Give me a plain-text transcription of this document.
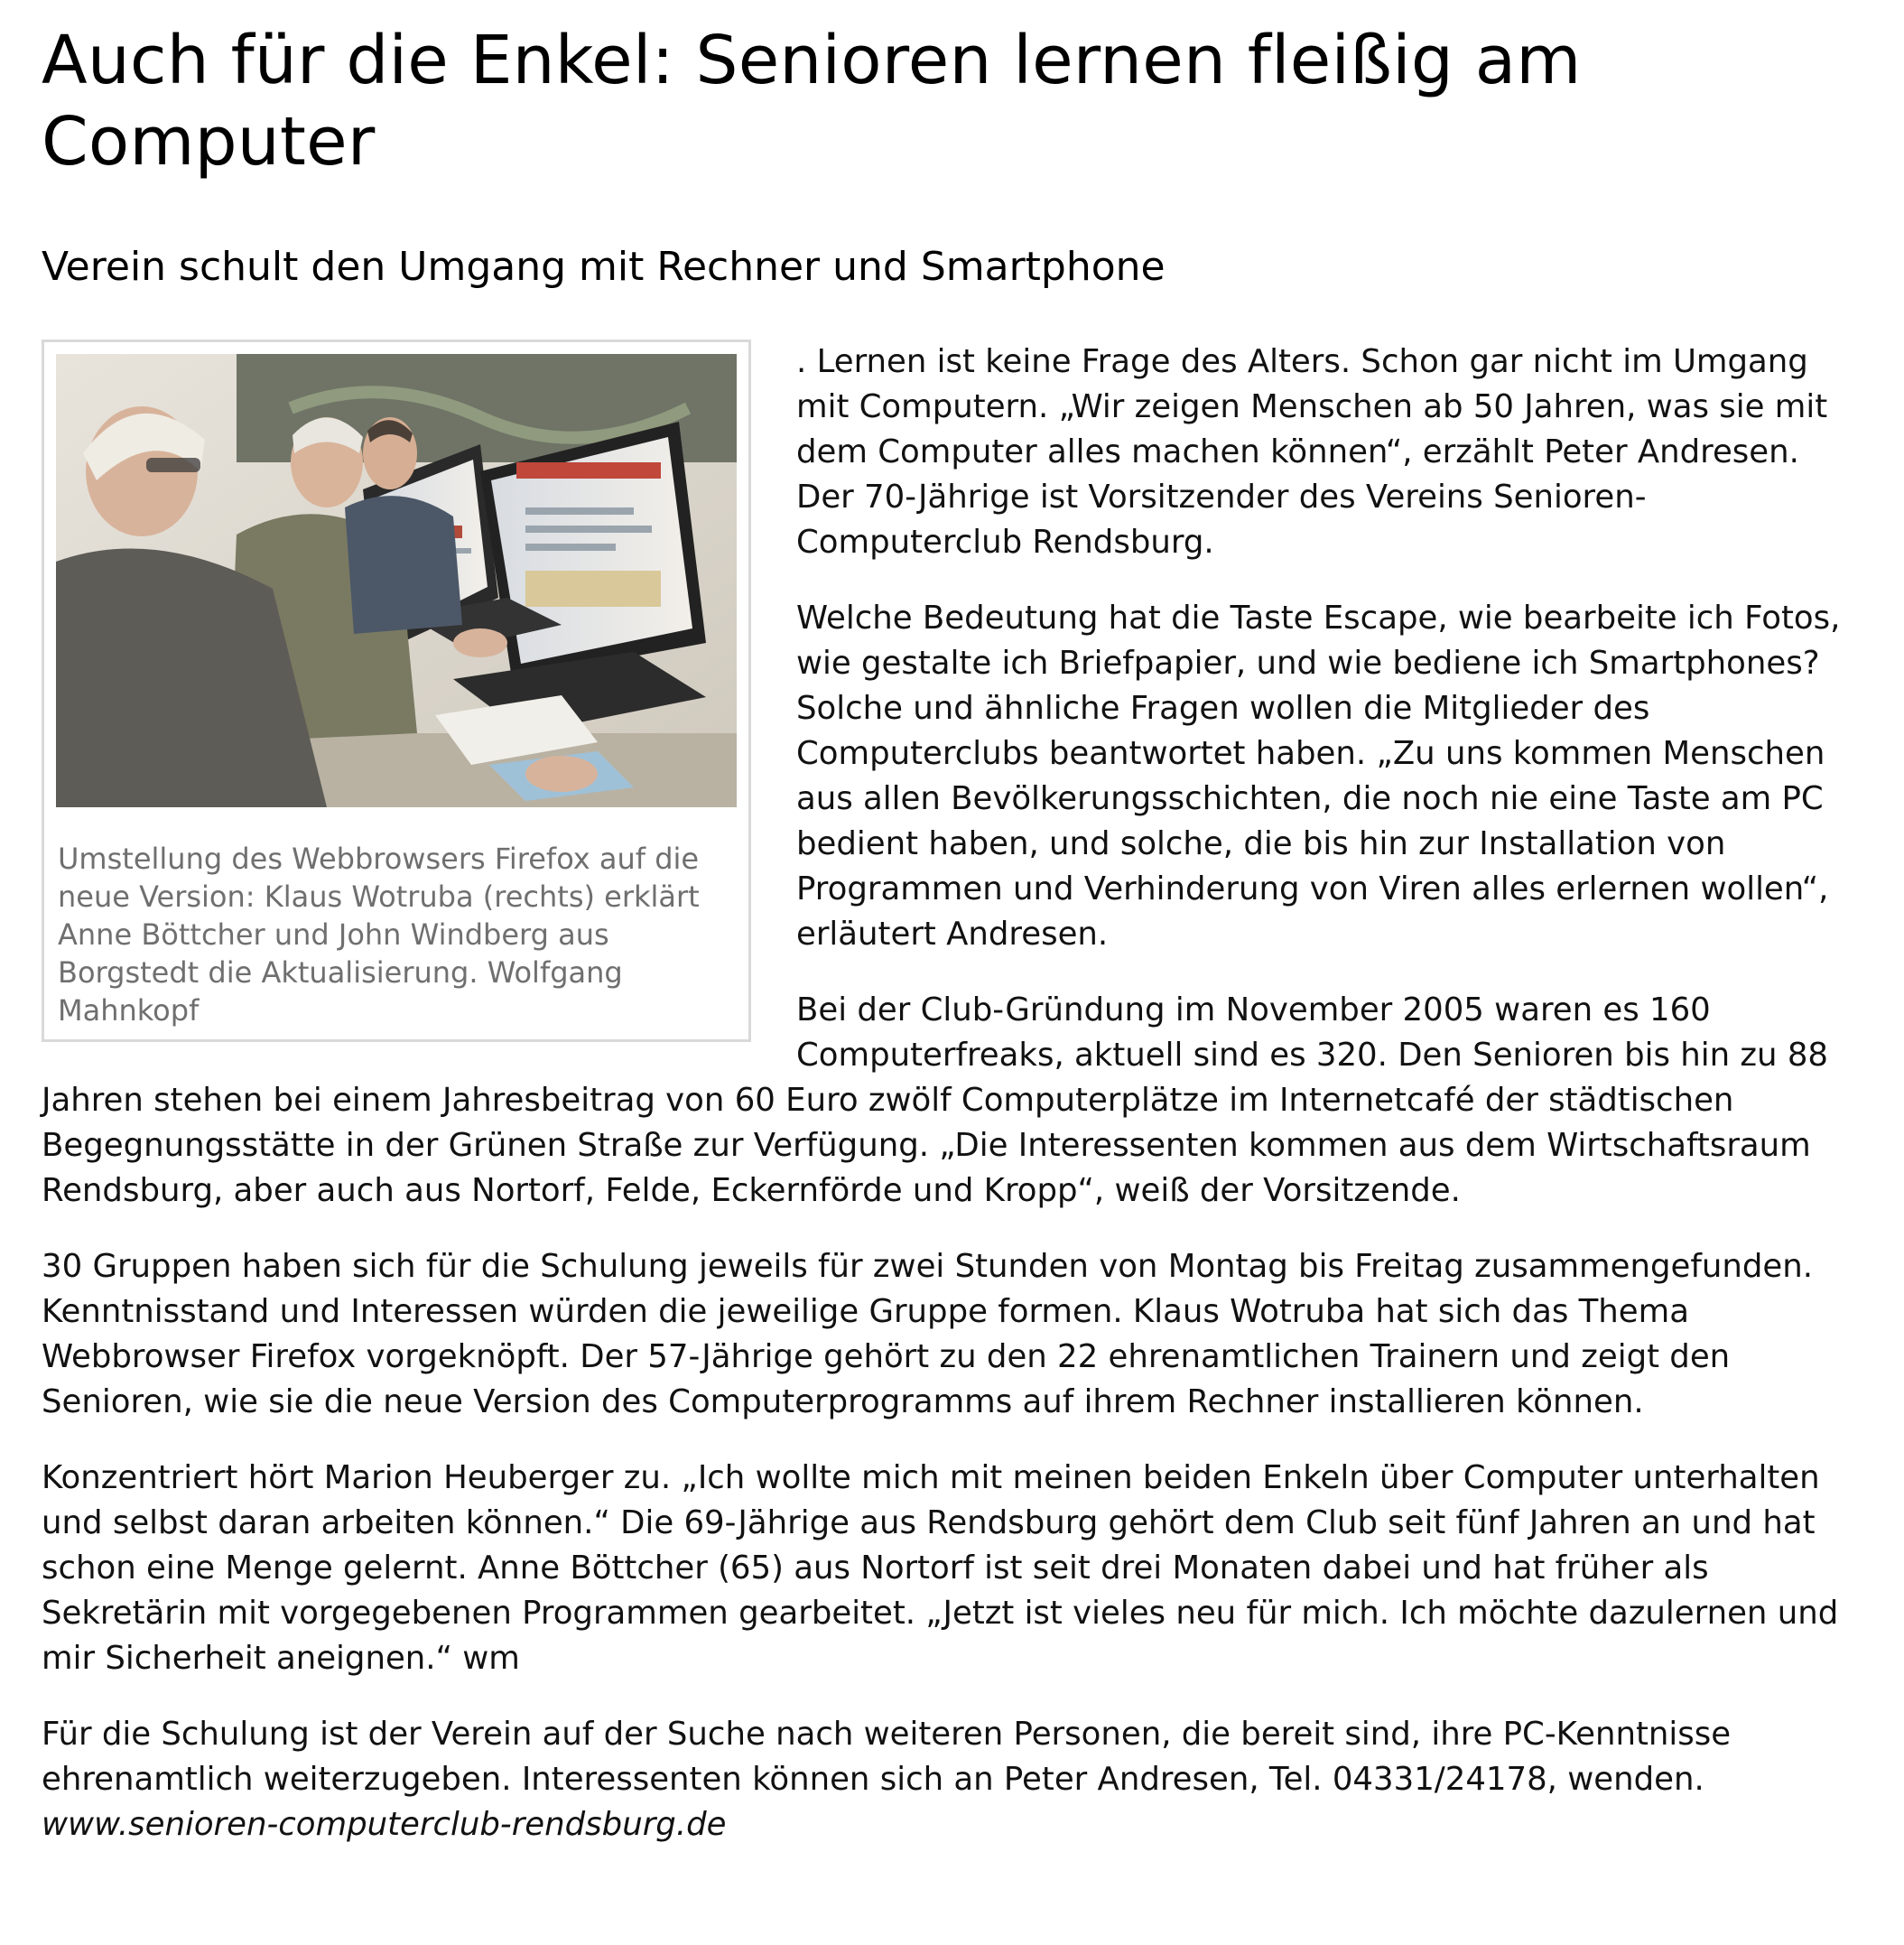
Auch für die Enkel: Senioren lernen fleißig am Computer
Verein schult den Umgang mit Rechner und Smartphone
Umstellung des Webbrowsers Firefox auf die neue Version: Klaus Wotruba (rechts) erklärt Anne Böttcher und John Windberg aus Borgstedt die Aktualisierung. Wolfgang Mahnkopf

. Lernen ist keine Frage des Alters. Schon gar nicht im Umgang mit Computern. „Wir zeigen Menschen ab 50 Jahren, was sie mit dem Computer alles machen können“, erzählt Peter Andresen. Der 70-Jährige ist Vorsitzender des Vereins Senioren-Computerclub Rendsburg.

Welche Bedeutung hat die Taste Escape, wie bearbeite ich Fotos, wie gestalte ich Briefpapier, und wie bediene ich Smartphones? Solche und ähnliche Fragen wollen die Mitglieder des Computerclubs beantwortet haben. „Zu uns kommen Menschen aus allen Bevölkerungsschichten, die noch nie eine Taste am PC bedient haben, und solche, die bis hin zur Installation von Programmen und Verhinderung von Viren alles erlernen wollen“, erläutert Andresen.

Bei der Club-Gründung im November 2005 waren es 160 Computerfreaks, aktuell sind es 320. Den Senioren bis hin zu 88 Jahren stehen bei einem Jahresbeitrag von 60 Euro zwölf Computerplätze im Internetcafé der städtischen Begegnungsstätte in der Grünen Straße zur Verfügung. „Die Interessenten kommen aus dem Wirtschaftsraum Rendsburg, aber auch aus Nortorf, Felde, Eckernförde und Kropp“, weiß der Vorsitzende.

30 Gruppen haben sich für die Schulung jeweils für zwei Stunden von Montag bis Freitag zusammengefunden. Kenntnisstand und Interessen würden die jeweilige Gruppe formen. Klaus Wotruba hat sich das Thema Webbrowser Firefox vorgeknöpft. Der 57-Jährige gehört zu den 22 ehrenamtlichen Trainern und zeigt den Senioren, wie sie die neue Version des Computerprogramms auf ihrem Rechner installieren können.

Konzentriert hört Marion Heuberger zu. „Ich wollte mich mit meinen beiden Enkeln über Computer unterhalten und selbst daran arbeiten können.“ Die 69-Jährige aus Rendsburg gehört dem Club seit fünf Jahren an und hat schon eine Menge gelernt. Anne Böttcher (65) aus Nortorf ist seit drei Monaten dabei und hat früher als Sekretärin mit vorgegebenen Programmen gearbeitet. „Jetzt ist vieles neu für mich. Ich möchte dazulernen und mir Sicherheit aneignen.“ wm

Für die Schulung ist der Verein auf der Suche nach weiteren Personen, die bereit sind, ihre PC-Kenntnisse ehrenamtlich weiterzugeben. Interessenten können sich an Peter Andresen, Tel. 04331/24178, wenden.
www.senioren-computerclub-rendsburg.de
